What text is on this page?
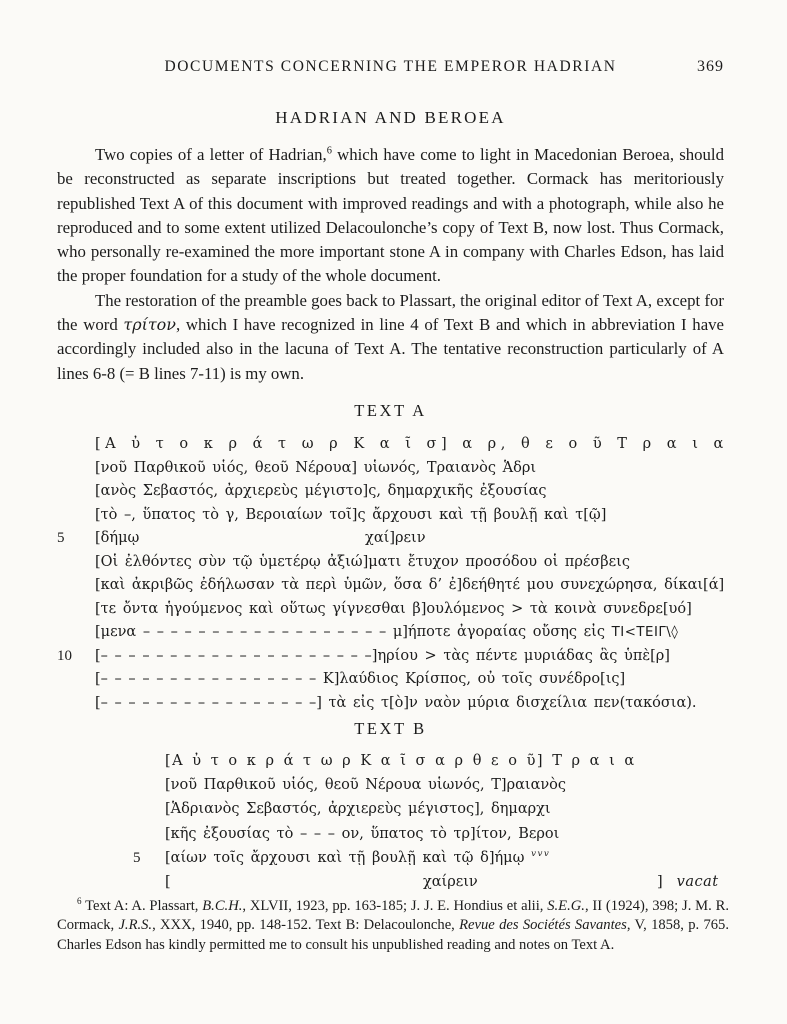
DOCUMENTS CONCERNING THE EMPEROR HADRIAN	369
HADRIAN AND BEROEA

Two copies of a letter of Hadrian,$^6$ which have come to light in Macedonian Beroea, should be reconstructed as separate inscriptions but treated together. Cormack has meritoriously republished Text A of this document with improved readings and with a photograph, while also he reproduced and to some extent utilized Delacoulonche’s copy of Text B, now lost. Thus Cormack, who personally re-examined the more important stone A in company with Charles Edson, has laid the proper foundation for a study of the whole document.

The restoration of the preamble goes back to Plassart, the original editor of Text A, except for the word τρίτον, which I have recognized in line 4 of Text B and which in abbreviation I have accordingly included also in the lacuna of Text A. The tentative reconstruction particularly of A lines 6-8 (= B lines 7-11) is my own.

TEXT A
[Α ὐ τ ο κ ρ ά τ ω ρ Κ α ῖ σ] α ρ, θ ε ο ῦ Τ ρ α ι α
[νοῦ Παρθικοῦ υἱός, θεοῦ Νέρουα] υἱωνός, Τραιανὸς Ἁδρι
[ανὸς Σεβαστός, ἀρχιερεὺς μέγιστο]ς, δημαρχικῆς ἐξουσίας
[τὸ –, ὕπατος τὸ γ, Βεροιαίων τοῖ]ς ἄρχουσι καὶ τῇ βουλῇ καὶ τ[ῷ]
5	[δήμῳ                                  χαί]ρειν
[Οἱ ἐλθόντες σὺν τῷ ὑμετέρῳ ἀξιώ]ματι ἔτυχον προσόδου οἱ πρέσβεις
[καὶ ἀκριβῶς ἐδήλωσαν τὰ περὶ ὑμῶν, ὅσα δ’ ἐ]δεήθητέ μου συνεχώρησα, δίκαι[ά]
[τε ὄντα ἡγούμενος καὶ οὕτως γίγνεσθαι β]ουλόμενος > τὰ κοινὰ συνεδρε[υό]
[μενα – – – – – – – – – – – – – – – – – – μ]ήποτε ἀγοραίας οὔσης εἰς ΤΙ<ΤΕΙΓ\◊
10	[– – – – – – – – – – – – – – – – – – – –]ηρίου > τὰς πέντε μυριάδας ἃς ὑπὲ[ρ]
[– – – – – – – – – – – – – – – – Κ]λαύδιος Κρίσπος, οὐ τοῖς συνέδρο[ις]
[– – – – – – – – – – – – – – – –] τὰ εἰς τ[ὸ]ν ναὸν μύρια δισχείλια πεν(τακόσια).
TEXT B
[Α ὐ τ ο κ ρ ά τ ω ρ Κ α ῖ σ α ρ θ ε ο ῦ] Τ ρ α ι α
[νοῦ Παρθικοῦ υἱός, θεοῦ Νέρουα υἱωνός, Τ]ραιανὸς
[Ἁδριανὸς Σεβαστός, ἀρχιερεὺς μέγιστος], δημαρχι
[κῆς ἐξουσίας τὸ – – – ον, ὕπατος τὸ τρ]ίτον, Βεροι
5	[αίων τοῖς ἄρχουσι καὶ τῇ βουλῇ καὶ τῷ δ]ήμῳ $^{vvv}$
[                                      χαίρειν                           ] vacat

$^6$ Text A: A. Plassart, B.C.H., XLVII, 1923, pp. 163-185; J. J. E. Hondius et alii, S.E.G., II (1924), 398; J. M. R. Cormack, J.R.S., XXX, 1940, pp. 148-152. Text B: Delacoulonche, Revue des Sociétés Savantes, V, 1858, p. 765. Charles Edson has kindly permitted me to consult his unpublished reading and notes on Text A.
